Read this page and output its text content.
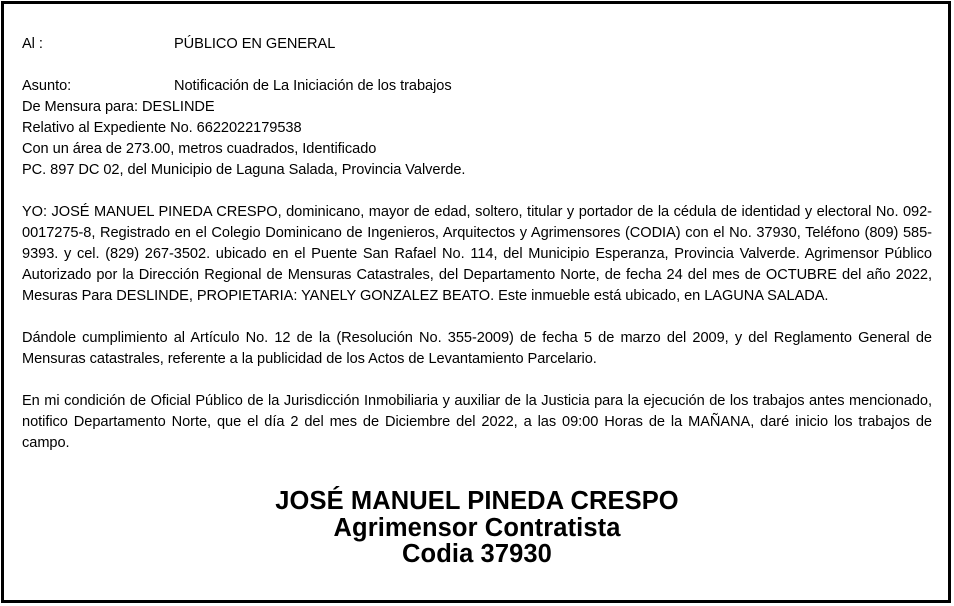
Al :	PÚBLICO EN GENERAL
Asunto:	Notificación de La Iniciación de los trabajos
De Mensura para: DESLINDE
Relativo al Expediente No. 6622022179538
Con un área de 273.00, metros cuadrados, Identificado
PC. 897 DC 02, del Municipio de Laguna Salada, Provincia Valverde.

YO: JOSÉ MANUEL PINEDA CRESPO, dominicano, mayor de edad, soltero, titular y portador de la cédula de identidad y electoral No. 092-0017275-8, Registrado en el Colegio Dominicano de Ingenieros, Arquitectos y Agrimensores (CODIA) con el No. 37930, Teléfono (809) 585-9393. y cel. (829) 267-3502. ubicado en el Puente San Rafael No. 114, del Municipio Esperanza, Provincia Valverde. Agrimensor Público Autorizado por la Dirección Regional de Mensuras Catastrales, del Departamento Norte, de fecha 24 del mes de OCTUBRE del año 2022, Mesuras Para DESLINDE, PROPIETARIA: YANELY GONZALEZ BEATO. Este inmueble está ubicado, en LAGUNA SALADA.

Dándole cumplimiento al Artículo No. 12 de la (Resolución No. 355-2009) de fecha 5 de marzo del 2009, y del Reglamento General de Mensuras catastrales, referente a la publicidad de los Actos de Levantamiento Parcelario.

En mi condición de Oficial Público de la Jurisdicción Inmobiliaria y auxiliar de la Justicia para la ejecución de los trabajos antes mencionado, notifico Departamento Norte, que el día 2 del mes de Diciembre del 2022, a las 09:00 Horas de la MAÑANA, daré inicio los trabajos de campo.

JOSÉ MANUEL PINEDA CRESPO
Agrimensor Contratista
Codia 37930
